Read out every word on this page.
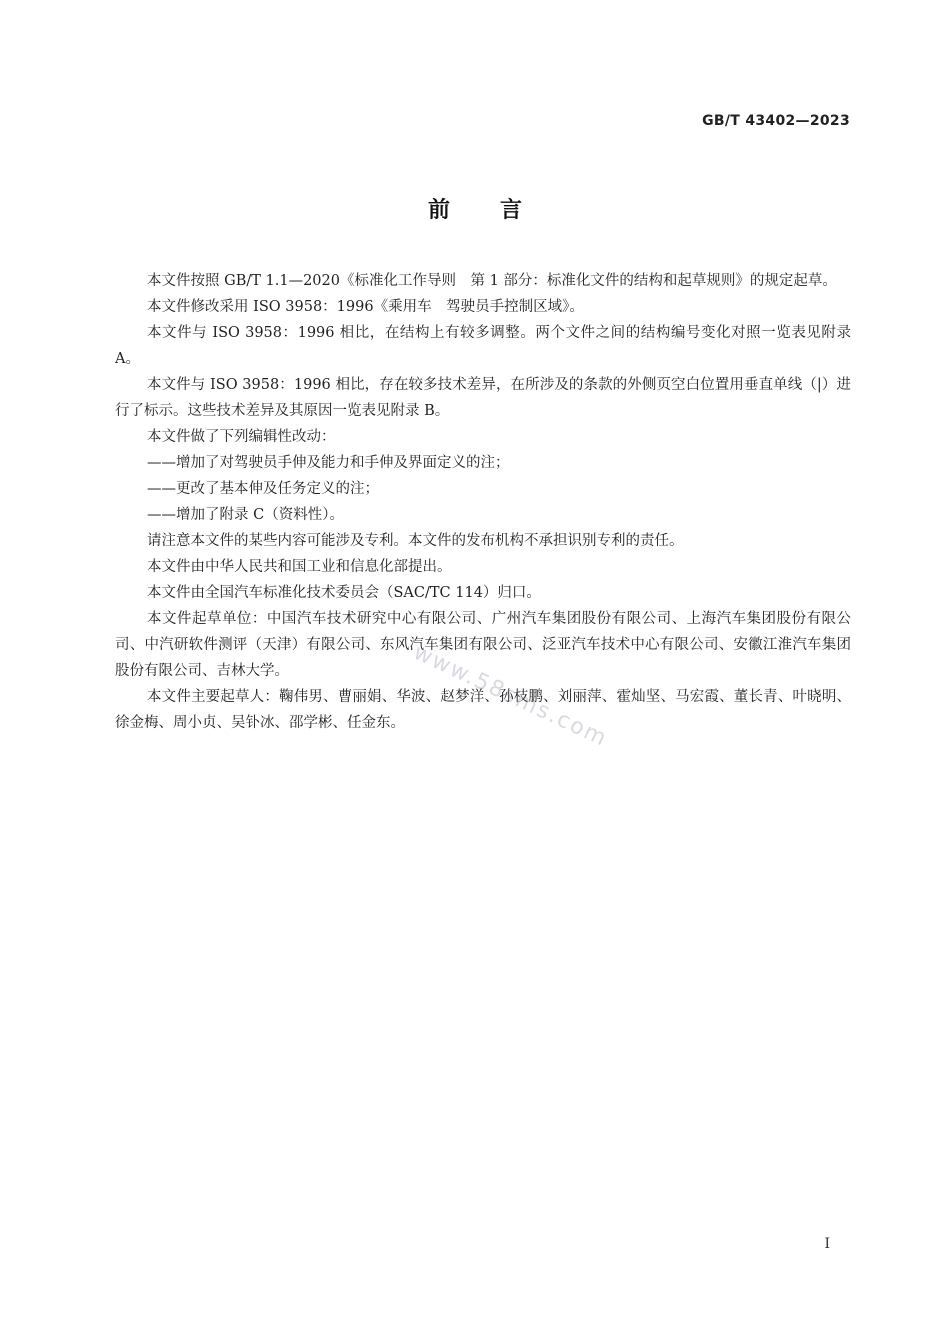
GB/T 43402—2023
前言

本文件按照 GB/T 1.1—2020《标准化工作导则　第 1 部分：标准化文件的结构和起草规则》的规定起草。

本文件修改采用 ISO 3958：1996《乘用车　驾驶员手控制区域》。

本文件与 ISO 3958：1996 相比，在结构上有较多调整。两个文件之间的结构编号变化对照一览表见附录 A。

本文件与 ISO 3958：1996 相比，存在较多技术差异，在所涉及的条款的外侧页空白位置用垂直单线（|）进行了标示。这些技术差异及其原因一览表见附录 B。

本文件做了下列编辑性改动：

——增加了对驾驶员手伸及能力和手伸及界面定义的注；

——更改了基本伸及任务定义的注；

——增加了附录 C（资料性）。

请注意本文件的某些内容可能涉及专利。本文件的发布机构不承担识别专利的责任。

本文件由中华人民共和国工业和信息化部提出。

本文件由全国汽车标准化技术委员会（SAC/TC 114）归口。

本文件起草单位：中国汽车技术研究中心有限公司、广州汽车集团股份有限公司、上海汽车集团股份有限公司、中汽研软件测评（天津）有限公司、东风汽车集团有限公司、泛亚汽车技术中心有限公司、安徽江淮汽车集团股份有限公司、吉林大学。

本文件主要起草人：鞠伟男、曹丽娟、华波、赵梦洋、孙枝鹏、刘丽萍、霍灿坚、马宏霞、董长青、叶晓明、徐金梅、周小贞、吴钋冰、邵学彬、任金东。 www.58sms.com
I
